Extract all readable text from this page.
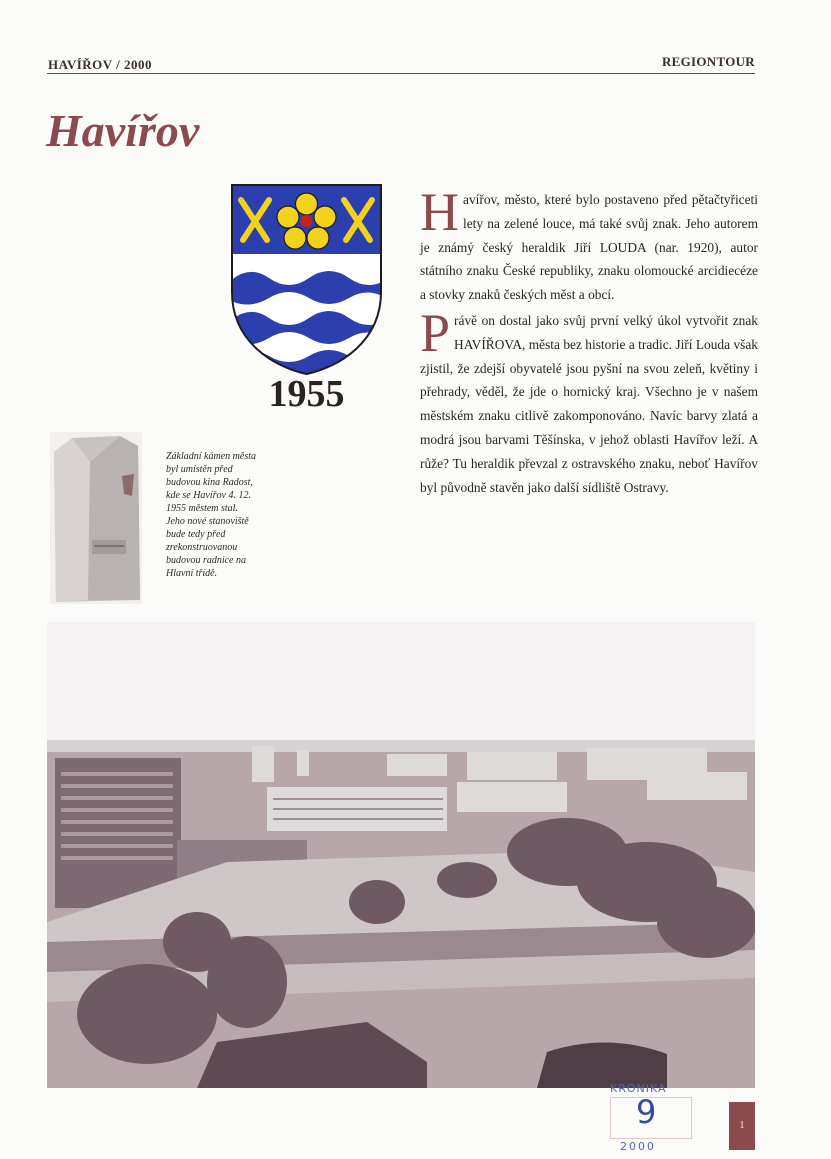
HAVÍŘOV / 2000	REGIONTOUR
Havířov
1955

Havířov, město, které bylo postaveno před pětačtyřiceti lety na zelené louce, má také svůj znak. Jeho autorem je známý český heraldik Jiří LOUDA (nar. 1920), autor státního znaku České republiky, znaku olomoucké arcidiecéze a stovky znaků českých měst a obcí.

Právě on dostal jako svůj první velký úkol vytvořit znak HAVÍŘOVA, města bez historie a tradic. Jiří Louda však zjistil, že zdejší obyvatelé jsou pyšní na svou zeleň, květiny i přehrady, věděl, že jde o hornický kraj. Všechno je v našem městském znaku citlivě zakomponováno. Navíc barvy zlatá a modrá jsou barvami Těšínska, v jehož oblasti Havířov leží. A růže? Tu heraldik převzal z ostravského znaku, neboť Havířov byl původně stavěn jako další sídliště Ostravy.

Základní kámen města byl umístěn před budovou kina Radost, kde se Havířov 4. 12. 1955 městem stal. Jeho nové stanoviště bude tedy před zrekonstruovanou budovou radnice na Hlavní třídě.
KRONIKA
9
2000
1
